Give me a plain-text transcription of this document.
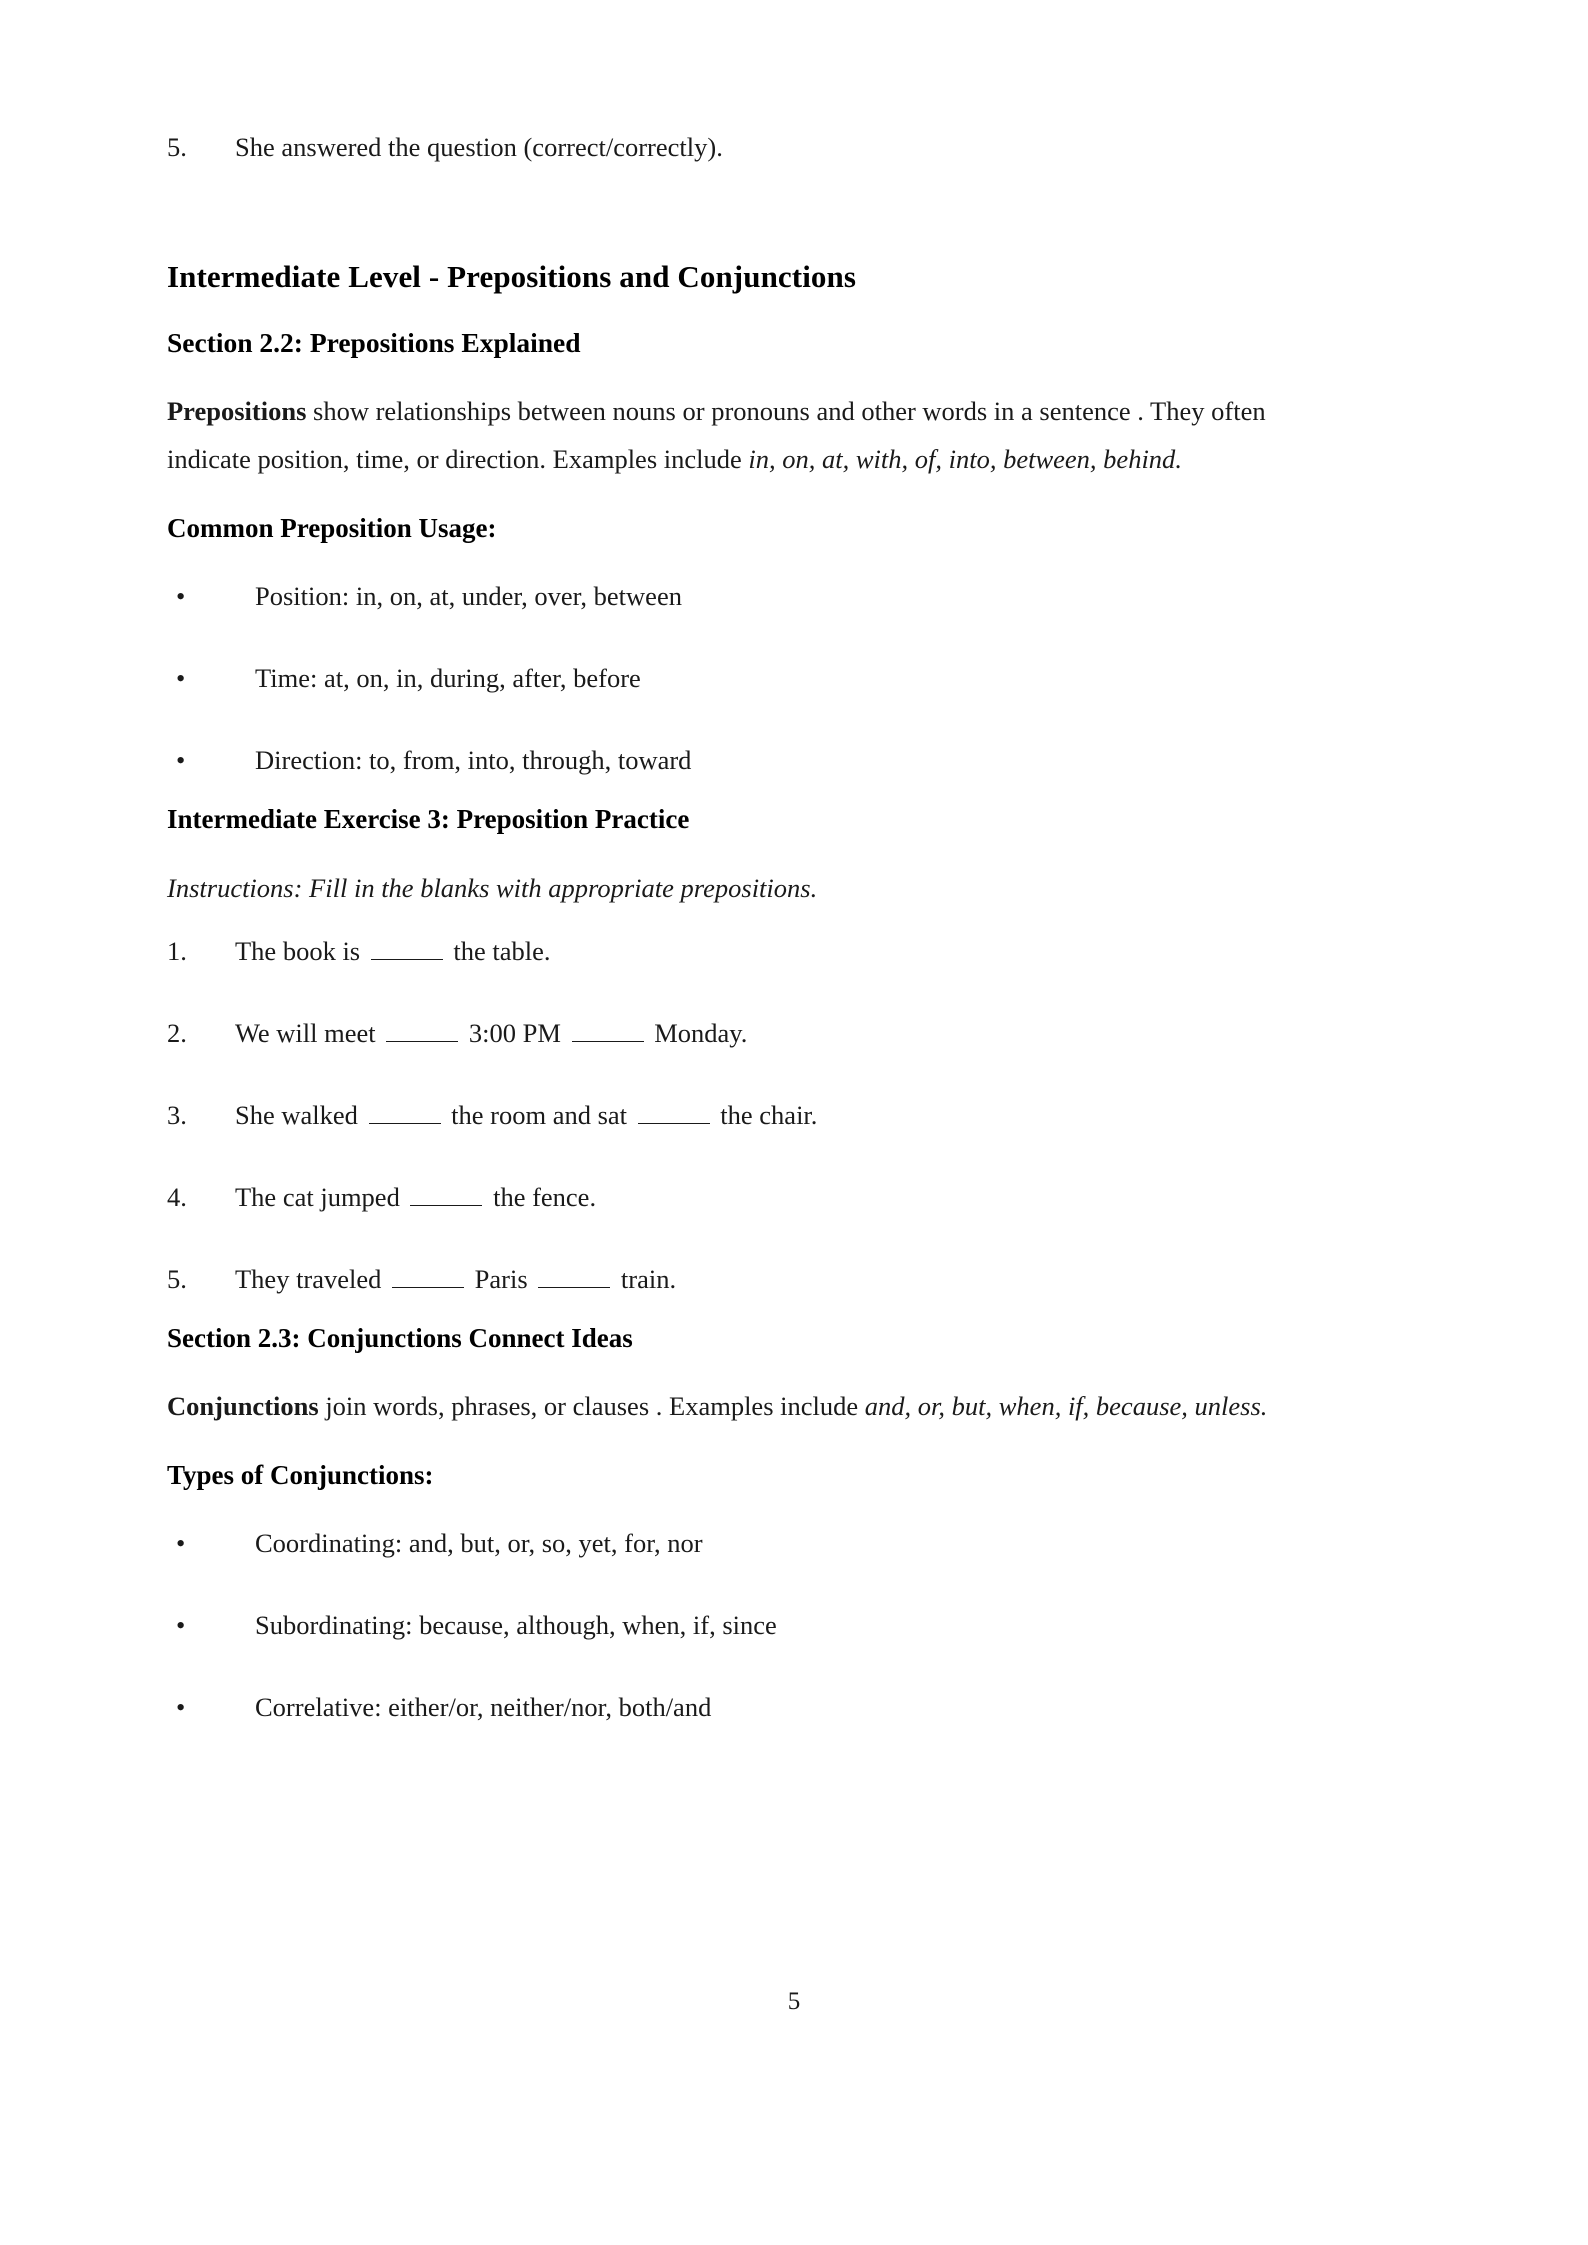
5.	She answered the question (correct/correctly).
Intermediate Level - Prepositions and Conjunctions
Section 2.2: Prepositions Explained

Prepositions show relationships between nouns or pronouns and other words in a sentence . They often indicate position, time, or direction. Examples include in, on, at, with, of, into, between, behind.

Common Preposition Usage:
•	Position: in, on, at, under, over, between
•	Time: at, on, in, during, after, before
•	Direction: to, from, into, through, toward
Intermediate Exercise 3: Preposition Practice

Instructions: Fill in the blanks with appropriate prepositions.

1.	The book is	the table.
2.	We will meet	3:00 PM	Monday.
3.	She walked	the room and sat	the chair.
4.	The cat jumped	the fence.
5.	They traveled	Paris	train.
Section 2.3: Conjunctions Connect Ideas

Conjunctions join words, phrases, or clauses . Examples include and, or, but, when, if, because, unless.

Types of Conjunctions:
•	Coordinating: and, but, or, so, yet, for, nor
•	Subordinating: because, although, when, if, since
•	Correlative: either/or, neither/nor, both/and
5
